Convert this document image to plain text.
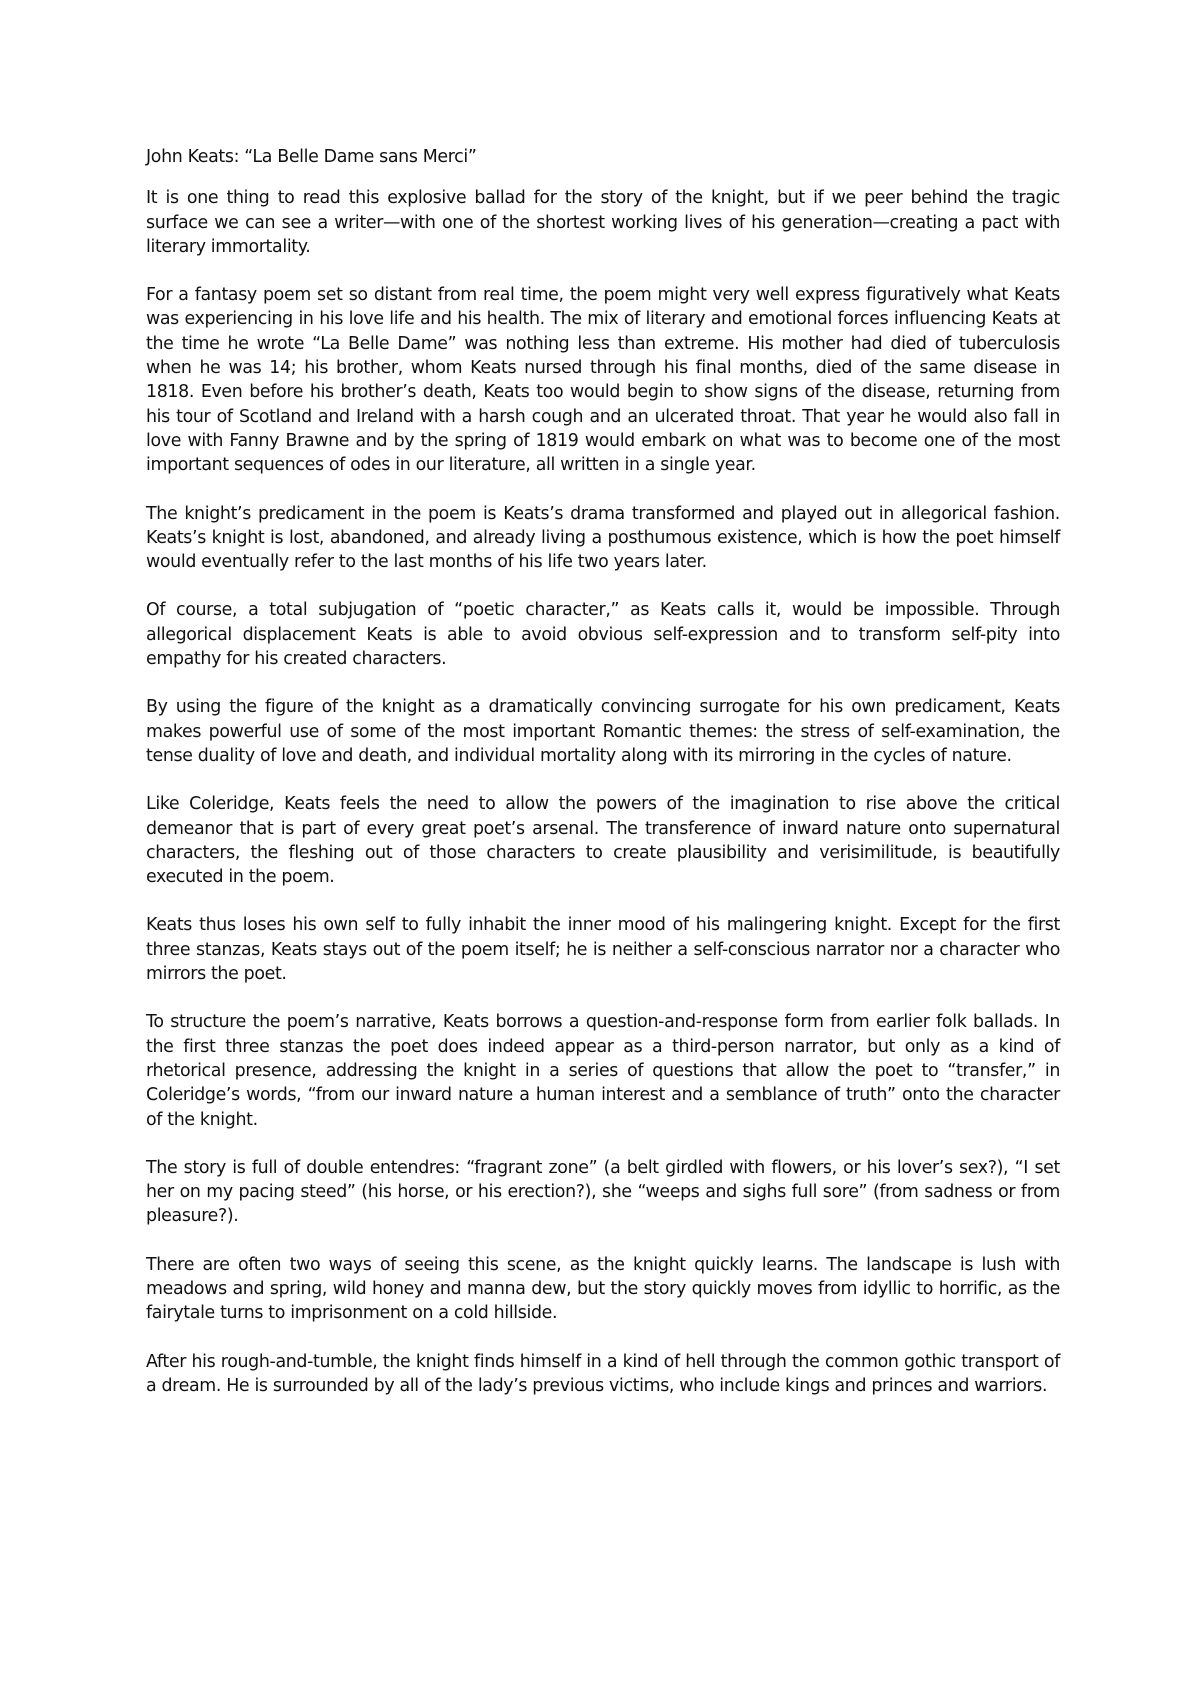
John Keats: “La Belle Dame sans Merci”

It is one thing to read this explosive ballad for the story of the knight, but if we peer behind the tragic surface we can see a writer—with one of the shortest working lives of his generation—creating a pact with literary immortality.

For a fantasy poem set so distant from real time, the poem might very well express figuratively what Keats was experiencing in his love life and his health. The mix of literary and emotional forces influencing Keats at the time he wrote “La Belle Dame” was nothing less than extreme. His mother had died of tuberculosis when he was 14; his brother, whom Keats nursed through his final months, died of the same disease in 1818. Even before his brother’s death, Keats too would begin to show signs of the disease, returning from his tour of Scotland and Ireland with a harsh cough and an ulcerated throat. That year he would also fall in love with Fanny Brawne and by the spring of 1819 would embark on what was to become one of the most important sequences of odes in our literature, all written in a single year.

The knight’s predicament in the poem is Keats’s drama transformed and played out in allegorical fashion. Keats’s knight is lost, abandoned, and already living a posthumous existence, which is how the poet himself would eventually refer to the last months of his life two years later.

Of course, a total subjugation of “poetic character,” as Keats calls it, would be impossible. Through allegorical displacement Keats is able to avoid obvious self-expression and to transform self-pity into empathy for his created characters.

By using the figure of the knight as a dramatically convincing surrogate for his own predicament, Keats makes powerful use of some of the most important Romantic themes: the stress of self-examination, the tense duality of love and death, and individual mortality along with its mirroring in the cycles of nature.

Like Coleridge, Keats feels the need to allow the powers of the imagination to rise above the critical demeanor that is part of every great poet’s arsenal. The transference of inward nature onto supernatural characters, the fleshing out of those characters to create plausibility and verisimilitude, is beautifully executed in the poem.

Keats thus loses his own self to fully inhabit the inner mood of his malingering knight. Except for the first three stanzas, Keats stays out of the poem itself; he is neither a self-conscious narrator nor a character who mirrors the poet.

To structure the poem’s narrative, Keats borrows a question-and-response form from earlier folk ballads. In the first three stanzas the poet does indeed appear as a third-person narrator, but only as a kind of rhetorical presence, addressing the knight in a series of questions that allow the poet to “transfer,” in Coleridge’s words, “from our inward nature a human interest and a semblance of truth” onto the character of the knight.

The story is full of double entendres: “fragrant zone” (a belt girdled with flowers, or his lover’s sex?), “I set her on my pacing steed” (his horse, or his erection?), she “weeps and sighs full sore” (from sadness or from pleasure?).

There are often two ways of seeing this scene, as the knight quickly learns. The landscape is lush with meadows and spring, wild honey and manna dew, but the story quickly moves from idyllic to horrific, as the fairytale turns to imprisonment on a cold hillside.

After his rough-and-tumble, the knight finds himself in a kind of hell through the common gothic transport of a dream. He is surrounded by all of the lady’s previous victims, who include kings and princes and warriors.
